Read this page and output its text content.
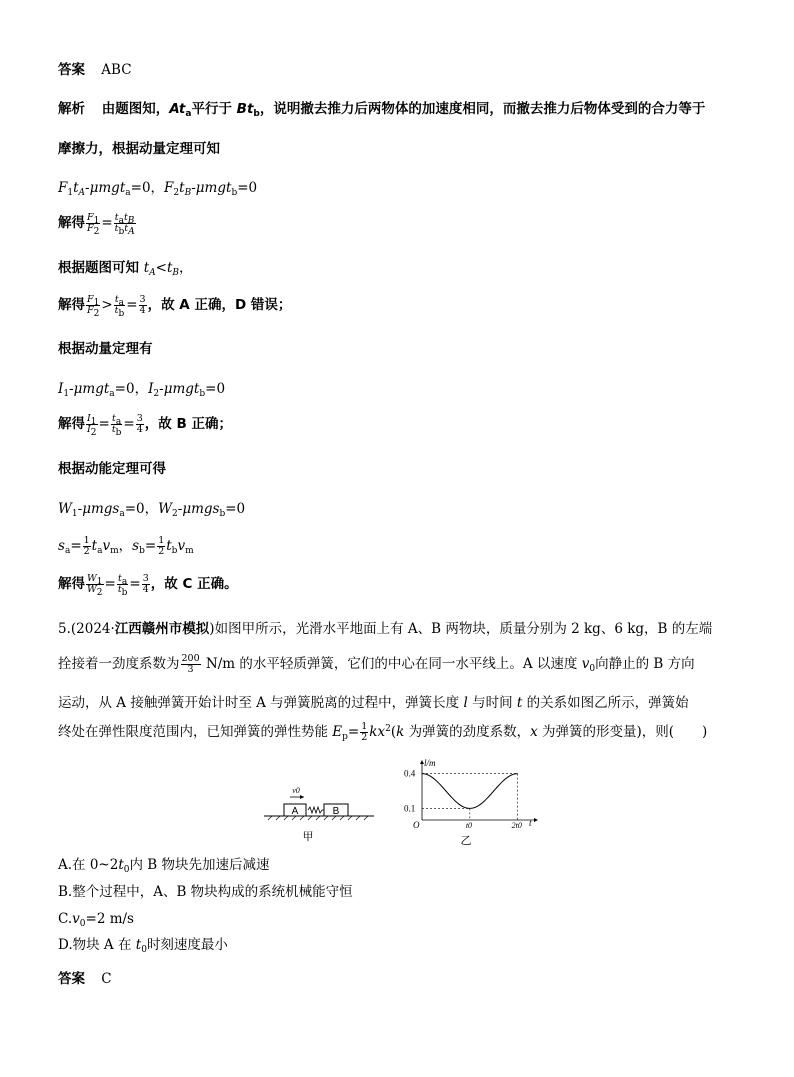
答案 ABC
解析 由题图知，$At_a$平行于 $Bt_b$，说明撤去推力后两物体的加速度相同，而撤去推力后物体受到的合力等于
摩擦力，根据动量定理可知
$F_1t_A-\mu mgt_a=0$，$F_2t_B-\mu mgt_b=0$
解得 $\frac{F_1}{F_2} = \frac{t_at_B}{t_bt_A}$
根据题图可知 $t_A<t_B$，
解得 $\frac{F_1}{F_2} > \frac{t_a}{t_b} = \frac{3}{4}$ ，故 A 正确，D 错误；
根据动量定理有
$I_1-\mu mgt_a=0$，$I_2-\mu mgt_b=0$
解得 $\frac{I_1}{I_2} = \frac{t_a}{t_b} = \frac{3}{4}$ ，故 B 正确；
根据动能定理可得
$W_1-\mu mgs_a=0$，$W_2-\mu mgs_b=0$
$s_a= \frac{1}{2} t_av_m$，$s_b= \frac{1}{2} t_bv_m$
解得 $\frac{W_1}{W_2} = \frac{t_a}{t_b} = \frac{3}{4}$ ，故 C 正确。
5.(2024·江西赣州市模拟)如图甲所示，光滑水平地面上有 A、B 两物块，质量分别为 2 kg、6 kg，B 的左端
拴接着一劲度系数为 $\frac{200}{3} N/m$ 的水平轻质弹簧，它们的中心在同一水平线上。A 以速度 $v_0$向静止的 B 方向
运动，从 A 接触弹簧开始计时至 A 与弹簧脱离的过程中，弹簧长度 l 与时间 t 的关系如图乙所示，弹簧始
终处在弹性限度范围内，已知弹簧的弹性势能 $E_p= \frac{1}{2} kx^2(k$ 为弹簧的劲度系数，x 为弹簧的形变量)，则( )
A	B
v0
甲
l/m
t
O
0.4
0.1
t0	2t0
乙
A.在 $0\sim 2t_0$内 B 物块先加速后减速
B.整个过程中，A、B 物块构成的系统机械能守恒
$C.v_0=2$ m/s
D.物块 A 在 $t_0$时刻速度最小
答案 C
